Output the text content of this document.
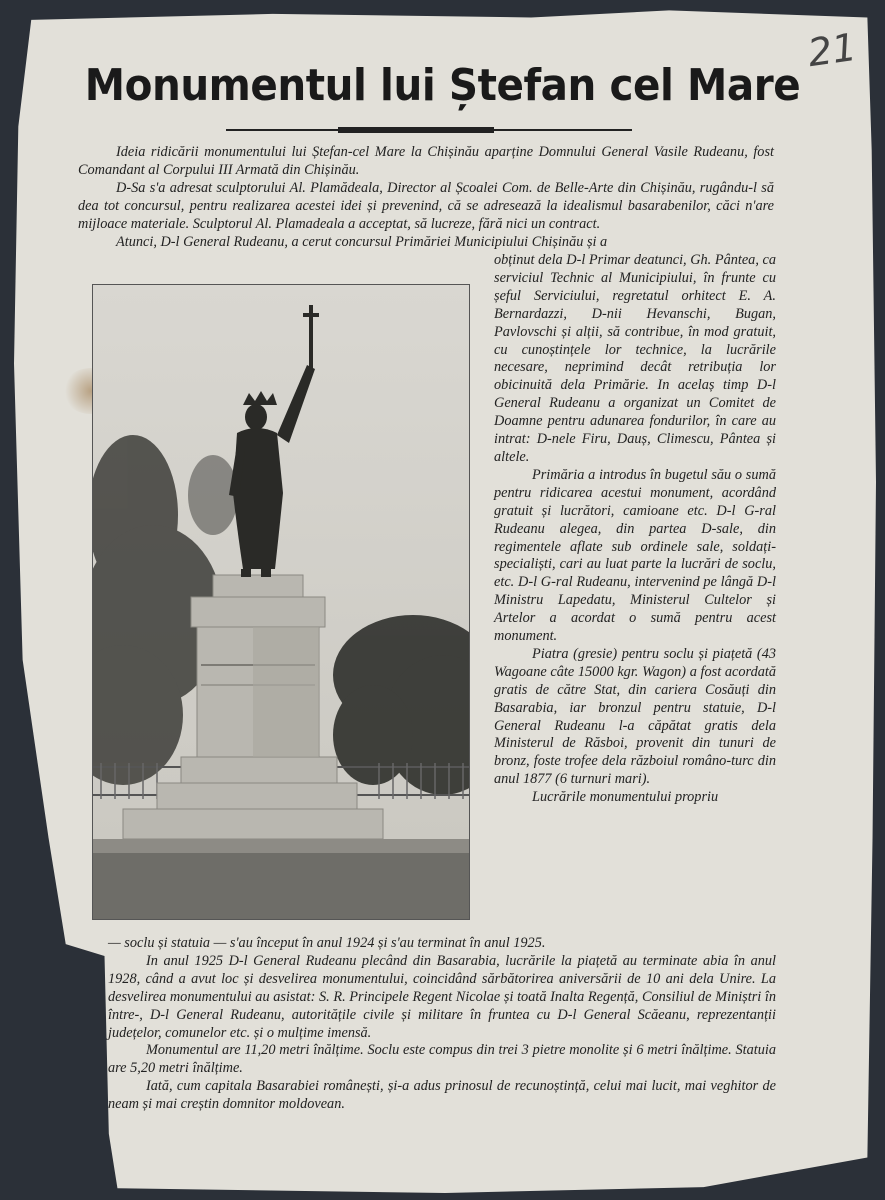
21
Monumentul lui Ștefan cel Mare

Ideia ridicării monumentului lui Ștefan-cel Mare la Chișinău aparține Domnului General Vasile Rudeanu, fost Comandant al Corpului III Armată din Chișinău.

D-Sa s'a adresat sculptorului Al. Plamădeala, Director al Școalei Com. de Belle-Arte din Chișinău, rugându-l să dea tot concursul, pentru realizarea acestei idei și prevenind, că se adresează la idealismul basarabenilor, căci n'are mijloace materiale. Sculptorul Al. Plamadeala a acceptat, să lucreze, fără nici un contract.

Atunci, D-l General Rudeanu, a cerut concursul Primăriei Municipiului Chișinău și a

obținut dela D-l Primar deatunci, Gh. Pântea, ca serviciul Technic al Municipiului, în frunte cu șeful Serviciului, regretatul orhitect E. A. Bernardazzi, D-nii Hevanschi, Bugan, Pavlovschi și alții, să contribue, în mod gratuit, cu cunoștințele lor technice, la lucrările necesare, neprimind decât retribuția lor obicinuită dela Primărie. In acelaș timp D-l General Rudeanu a organizat un Comitet de Doamne pentru adunarea fondurilor, în care au intrat: D-nele Firu, Dauș, Climescu, Pântea și altele.

Primăria a introdus în bugetul său o sumă pentru ridicarea acestui monument, acordând gratuit și lucrători, camioane etc. D-l G-ral Rudeanu alegea, din partea D-sale, din regimentele aflate sub ordinele sale, soldați-specialiști, cari au luat parte la lucrări de soclu, etc. D-l G-ral Rudeanu, intervenind pe lângă D-l Ministru Lapedatu, Ministerul Cultelor și Artelor a acordat o sumă pentru acest monument.

Piatra (gresie) pentru soclu și piațetă (43 Wagoane câte 15000 kgr. Wagon) a fost acordată gratis de către Stat, din cariera Cosăuți din Basarabia, iar bronzul pentru statuie, D-l General Rudeanu l-a căpătat gratis dela Ministerul de Răsboi, provenit din tunuri de bronz, foste trofee dela războiul româno-turc din anul 1877 (6 turnuri mari).

Lucrările monumentului propriu

— soclu și statuia — s'au început în anul 1924 și s'au terminat în anul 1925.

In anul 1925 D-l General Rudeanu plecând din Basarabia, lucrările la piațetă au terminate abia în anul 1928, când a avut loc și desvelirea monumentului, coincidând sărbătorirea aniversării de 10 ani dela Unire. La desvelirea monumentului au asistat: S. R. Principele Regent Nicolae și toată Inalta Regență, Consiliul de Miniștri în între-, D-l General Rudeanu, autoritățile civile și militare în fruntea cu D-l General Scăeanu, reprezentanții județelor, comunelor etc. și o mulțime imensă.

Monumentul are 11,20 metri înălțime. Soclu este compus din trei 3 pietre monolite și 6 metri înălțime. Statuia are 5,20 metri înălțime.

Iată, cum capitala Basarabiei românești, și-a adus prinosul de recunoștință, celui mai lucit, mai veghitor de neam și mai creștin domnitor moldovean.
